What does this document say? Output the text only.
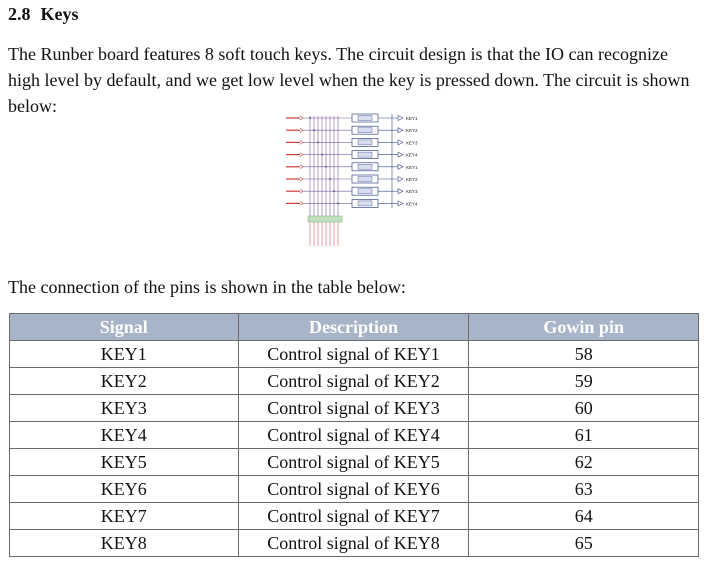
2.8 Keys

The Runber board features 8 soft touch keys. The circuit design is that the IO can recognize high level by default, and we get low level when the key is pressed down. The circuit is shown below:

KEY1
KEY2
KEY3
KEY4
KEY1
KEY2
KEY3
KEY4

The connection of the pins is shown in the table below:

Signal	Description	Gowin pin
KEY1	Control signal of KEY1	58
KEY2	Control signal of KEY2	59
KEY3	Control signal of KEY3	60
KEY4	Control signal of KEY4	61
KEY5	Control signal of KEY5	62
KEY6	Control signal of KEY6	63
KEY7	Control signal of KEY7	64
KEY8	Control signal of KEY8	65
